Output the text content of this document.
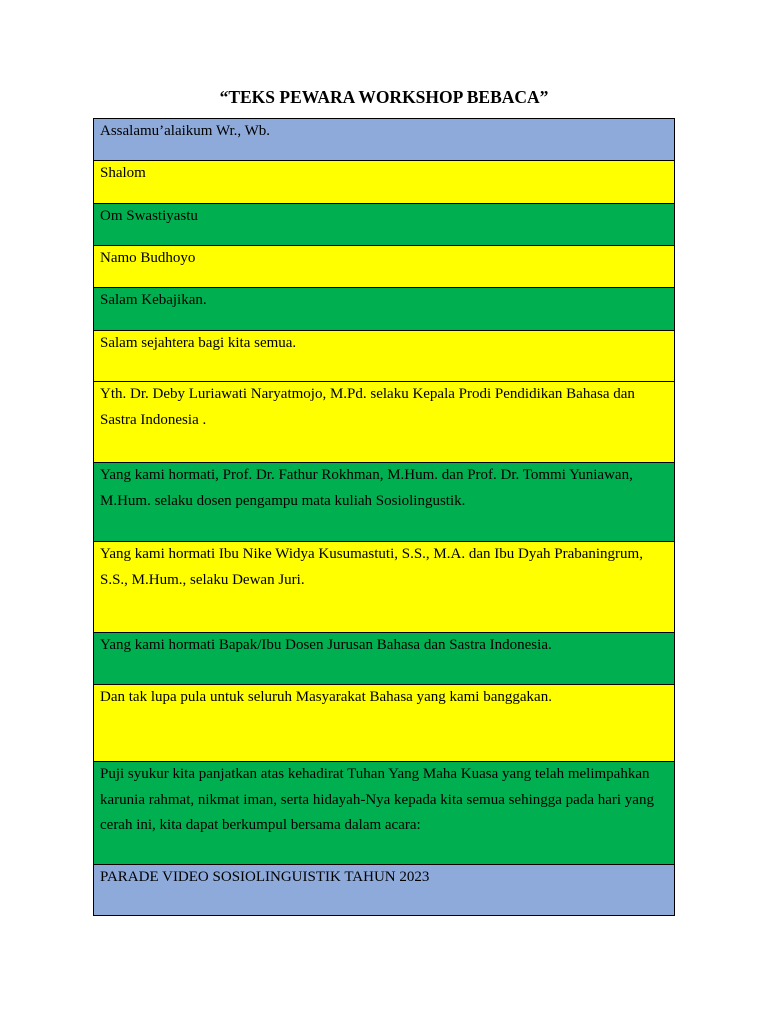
“TEKS PEWARA WORKSHOP BEBACA”
Assalamu’alaikum Wr., Wb.

Shalom

Om Swastiyastu

Namo Budhoyo

Salam Kebajikan.

Salam sejahtera bagi kita semua.

Yth. Dr. Deby Luriawati Naryatmojo, M.Pd. selaku Kepala Prodi Pendidikan Bahasa dan Sastra Indonesia .

Yang kami hormati, Prof. Dr. Fathur Rokhman, M.Hum. dan Prof. Dr. Tommi Yuniawan, M.Hum. selaku dosen pengampu mata kuliah Sosiolingustik.

Yang kami hormati Ibu Nike Widya Kusumastuti, S.S., M.A. dan Ibu Dyah Prabaningrum, S.S., M.Hum., selaku Dewan Juri.

Yang kami hormati Bapak/Ibu Dosen Jurusan Bahasa dan Sastra Indonesia.

Dan tak lupa pula untuk seluruh Masyarakat Bahasa yang kami banggakan.

Puji syukur kita panjatkan atas kehadirat Tuhan Yang Maha Kuasa yang telah melimpahkan karunia rahmat, nikmat iman, serta hidayah-Nya kepada kita semua sehingga pada hari yang cerah ini, kita dapat berkumpul bersama dalam acara:

PARADE VIDEO SOSIOLINGUISTIK TAHUN 2023
